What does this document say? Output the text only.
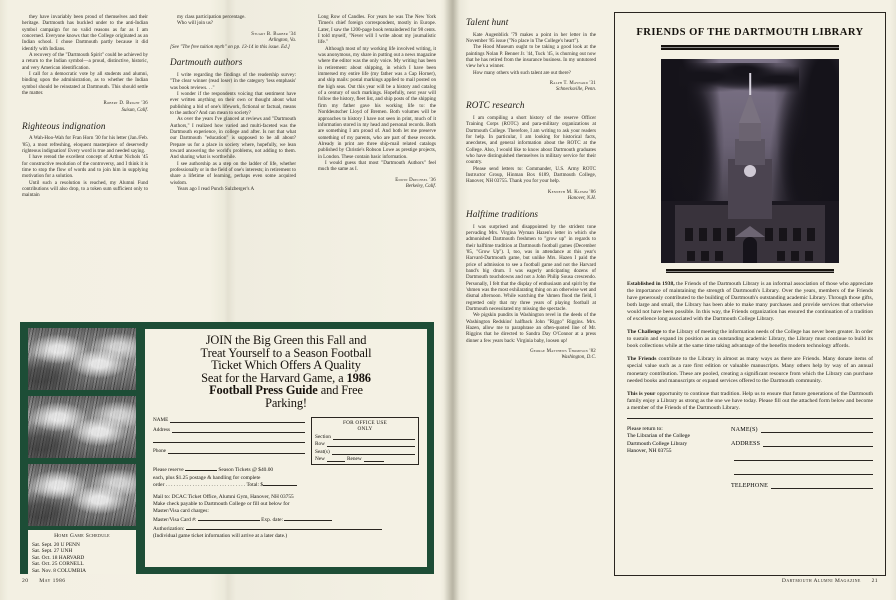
they have invariably been proud of themselves and their heritage. Dartmouth has buckled under to the anti-Indian symbol campaign for no valid reasons as far as I am concerned. Everyone knows that the College originated as an Indian school. I chose Dartmouth partly because it did identify with Indians.

A recovery of the "Dartmouth Spirit" could be achieved by a return to the Indian symbol—a proud, distinctive, historic, and very American identification.

I call for a democratic vote by all students and alumni, binding upon the administration, as to whether the Indian symbol should be reinstated at Dartmouth. This should settle the matter.

Robert D. Bright '36
Suisun, Calif.
Righteous indignation

A Wah-Hoo-Wah for Fran Horn '30 for his letter (Jan./Feb. '85), a most refreshing, eloquent masterpiece of deservedly righteous indignation! Every word is true and needed saying.

I have reread the excellent concept of Arthur Nichols '45 for constructive resolution of the controversy, and I think it is time to stop the flow of words and to join him in supplying motivation for a solution.

Until such a resolution is reached, my Alumni Fund contributions will also drop, to a token sum sufficient only to maintain

my class participation percentage.

Who will join us?

Stuart B. Barber '34
Arlington, Va.

[See "The free tuition myth" on pp. 13-14 in this issue. Ed.]

Dartmouth authors

I write regarding the findings of the readership survey: "The clear winner (read loser) in the category 'less emphasis' was book reviews. . ."

I wonder if the respondents voicing that sentiment have ever written anything on their own or thought about what publishing a bid of one's lifework, fictional or factual, means to the author? And can mean to society?

As over the years I've glanced at reviews and "Dartmouth Authors," I realized how varied and multi-faceted was the Dartmouth experience, in college and after. Is not that what our Dartmouth "education" is supposed to be all about? Prepare us for a place in society where, hopefully, we lean toward answering the world's problems, not adding to them. And sharing what is worthwhile.

I see authorship as a step on the ladder of life, whether professionally or in the field of one's interests; in retirement to share a lifetime of learning, perhaps even some acquired wisdom.

Years ago I read Punch Sulzberger's A

Long Row of Candles. For years he was The New York Times's chief foreign correspondent, mostly in Europe. Later, I saw the 1200-page book remaindered for 98 cents. I told myself, "Never will I write about my journalistic life."

Although most of my working life involved writing, it was anonymous, my share in putting out a news magazine where the editor was the only voice. My writing has been in retirement: about shipping, in which I have been immersed my entire life (my father was a Cap Horner), and ship mails: postal markings applied to mail posted on the high seas. Out this year will be a history and catalog of a century of such markings. Hopefully, next year will follow the history, fleet list, and ship posts of the shipping firm my father gave his working life to: the Norddeutscher Lloyd of Bremen. Both volumes will be approaches to history I have not seen in print, much of it information stored in my head and personal records. Both are something I am proud of. And both let me preserve something of my parents, who are part of these records. Already in print are three ship-mail related catalogs published by Christie's Robson Lowe as prestige projects, in London. These contain basic information.

I would guess that most "Dartmouth Authors" feel much the same as I.

Edwin Drechsel '36
Berkeley, Calif.
Talent hunt

Kate Augenblick '79 makes a point in her letter in the November '85 issue ("No place in The College's heart").

The Hood Museum ought to be taking a good look at the paintings Nolan P. Benner Jr. '44, Tuck '45, is churning out now that he has retired from the insurance business. In my untutored view he's a winner.

How many others with such talent are out there?

Ralph T. Maynard '31
Schnecksville, Penn.
ROTC research

I am compiling a short history of the reserve Officer Training Corps (ROTC) and para-military organizations at Dartmouth College. Therefore, I am writing to ask your readers for help. In particular, I am looking for historical facts, anecdotes, and general information about the ROTC at the College. Also, I would like to know about Dartmouth graduates who have distinguished themselves in military service for their country.

Please send letters to: Commander, U.S. Army ROTC Instructor Group, Hinman Box 6189, Dartmouth College, Hanover, NH 03755. Thank you for your help.

Kenneth M. Klemm '86
Hanover, N.H.
Halftime traditions

I was surprised and disappointed by the strident tone pervading Mrs. Virgina Wyman Hazen's letter in which she admonished Dartmouth freshmen to "grow up" in regards to their halftime tradition at Dartmouth football games (December '85, "Grow Up"). I, too, was in attendance at this year's Harvard-Dartmouth game, but unlike Mrs. Hazen I paid the price of admission to see a football game and not the Harvard band's big drum. I was eagerly anticipating dozens of Dartmouth touchdowns and not a John Philip Sousa crescendo. Personally, I felt that the display of enthusiasm and spirit by the 'shmen was the most exhilarating thing on an otherwise wet and dismal afternoon. While watching the 'shmen flood the field, I regretted only that my three years of playing football at Dartmouth necessitated my missing the spectacle.

We pigskin pundits in Washington revel in the deeds of the Washington Redskins' halfback John "Riggo" Riggins. Mrs. Hazen, allow me to paraphrase an often-quoted line of Mr. Riggins that he directed to Sandra Day O'Connor at a press dinner a few years back: Virginia baby, loosen up!

George Matthews Thompson '82
Washington, D.C.
Home Game Schedule
Sat. Sept. 20 U PENN
Sat. Sept. 27 UNH
Sat. Oct. 18 HARVARD
Sat. Oct. 25 CORNELL
Sat. Nov. 8 COLUMBIA
JOIN the Big Green this Fall and
Treat Yourself to a Season Football
Ticket Which Offers A Quality
Seat for the Harvard Game, a 1986
Football Press Guide and Free
Parking!
NAME
Address
Phone
FOR OFFICE USE
ONLY
Section
Row
Seat(s)
New	Renew
Please reserve	Season Tickets @ $40.00
each, plus $1.25 postage & handling for complete
order . . . . . . . . . . . . . . . . . . . . . . . . . . . . . . Total: $
Mail to: DCAC Ticket Office, Alumni Gym, Hanover, NH 03755
Make check payable to Dartmouth College or fill out below for
Master/Visa card charges:
Master/Visa Card #:	Exp. date:
Authorization:
(Individual game ticket information will arrive at a later date.)
FRIENDS OF THE DARTMOUTH LIBRARY

Established in 1938, the Friends of the Dartmouth Library is an informal association of those who appreciate the importance of maintaining the strength of Dartmouth's Library. Over the years, members of the Friends have generously contributed to the building of Dartmouth's outstanding academic Library. Through those gifts, both large and small, the Library has been able to make many purchases and provide services that otherwise would not have been possible. In this way, the Friends organization has ensured the continuation of a tradition of excellence long associated with the Dartmouth College Library.

The Challenge to the Library of meeting the information needs of the College has never been greater. In order to sustain and expand its position as an outstanding academic Library, the Library must continue to build its book collections while at the same time taking advantage of the benefits modern technology affords.

The Friends contribute to the Library in almost as many ways as there are Friends. Many donate items of special value such as a rare first edition or valuable manuscripts. Many others help by way of an annual monetary contribution. These are pooled, creating a significant resource from which the Library can purchase needed books and manuscripts or expand services offered to the Dartmouth community.

This is your opportunity to continue that tradition. Help us to ensure that future generations of the Dartmouth family enjoy a Library as strong as the one we have today. Please fill out the attached form below and become a member of the Friends of the Dartmouth Library.

Please return to:
The Librarian of the College
Dartmouth College Library
Hanover, NH 03755
NAME(S)
ADDRESS
TELEPHONE
20 May 1986	Dartmouth Alumni Magazine 21
